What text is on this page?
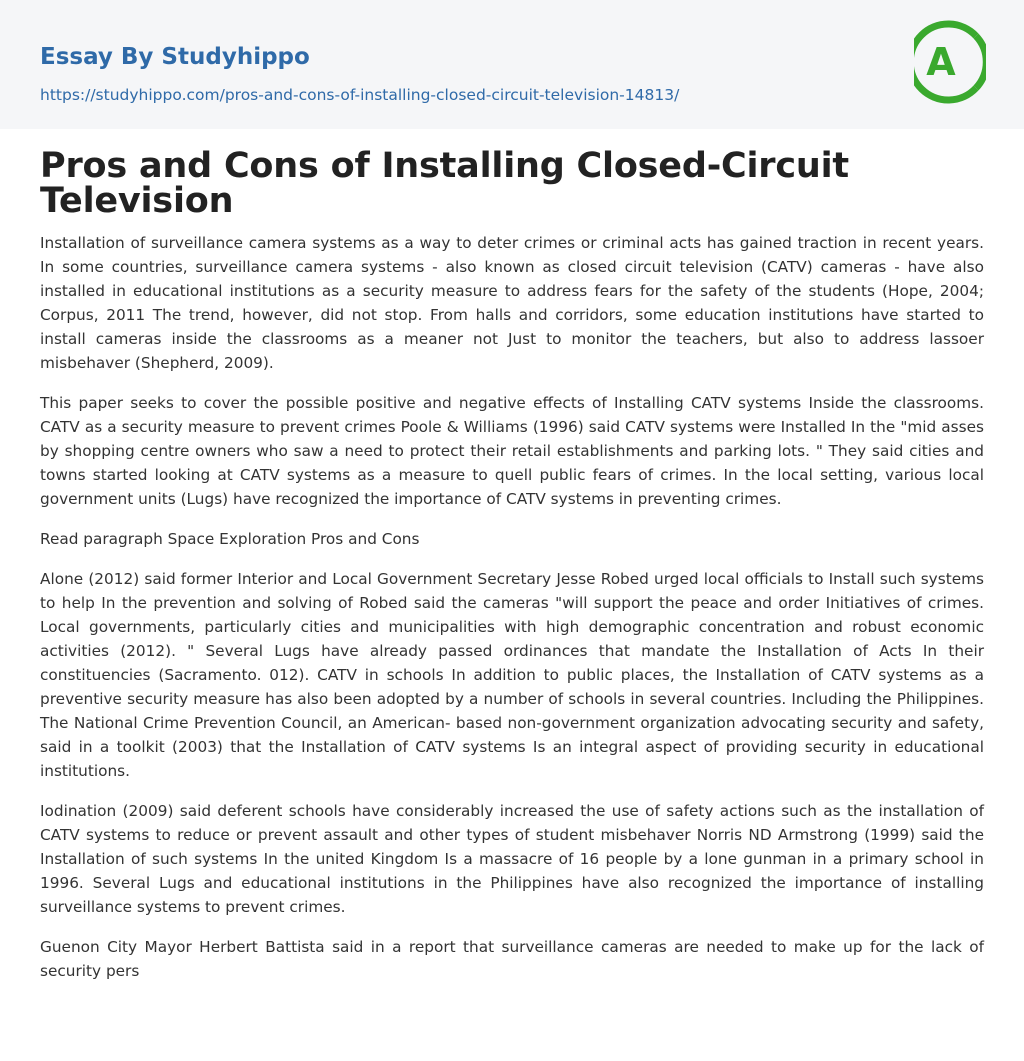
Essay By Studyhippo
https://studyhippo.com/pros-and-cons-of-installing-closed-circuit-television-14813/
A
Pros and Cons of Installing Closed-Circuit Television

Installation of surveillance camera systems as a way to deter crimes or criminal acts has gained traction in recent years. In some countries, surveillance camera systems - also known as closed circuit television (CATV) cameras - have also installed in educational institutions as a security measure to address fears for the safety of the students (Hope, 2004; Corpus, 2011 The trend, however, did not stop. From halls and corridors, some education institutions have started to install cameras inside the classrooms as a meaner not Just to monitor the teachers, but also to address lassoer misbehaver (Shepherd, 2009).

This paper seeks to cover the possible positive and negative effects of Installing CATV systems Inside the classrooms. CATV as a security measure to prevent crimes Poole & Williams (1996) said CATV systems were Installed In the "mid asses by shopping centre owners who saw a need to protect their retail establishments and parking lots. " They said cities and towns started looking at CATV systems as a measure to quell public fears of crimes. In the local setting, various local government units (Lugs) have recognized the importance of CATV systems in preventing crimes.

Read paragraph Space Exploration Pros and Cons

Alone (2012) said former Interior and Local Government Secretary Jesse Robed urged local officials to Install such systems to help In the prevention and solving of Robed said the cameras "will support the peace and order Initiatives of crimes. Local governments, particularly cities and municipalities with high demographic concentration and robust economic activities (2012). " Several Lugs have already passed ordinances that mandate the Installation of Acts In their constituencies (Sacramento. 012). CATV in schools In addition to public places, the Installation of CATV systems as a preventive security measure has also been adopted by a number of schools in several countries. Including the Philippines. The National Crime Prevention Council, an American- based non-government organization advocating security and safety, said in a toolkit (2003) that the Installation of CATV systems Is an integral aspect of providing security in educational institutions.

Iodination (2009) said deferent schools have considerably increased the use of safety actions such as the installation of CATV systems to reduce or prevent assault and other types of student misbehaver Norris ND Armstrong (1999) said the Installation of such systems In the united Kingdom Is a massacre of 16 people by a lone gunman in a primary school in 1996. Several Lugs and educational institutions in the Philippines have also recognized the importance of installing surveillance systems to prevent crimes.

Guenon City Mayor Herbert Battista said in a report that surveillance cameras are needed to make up for the lack of security pers
